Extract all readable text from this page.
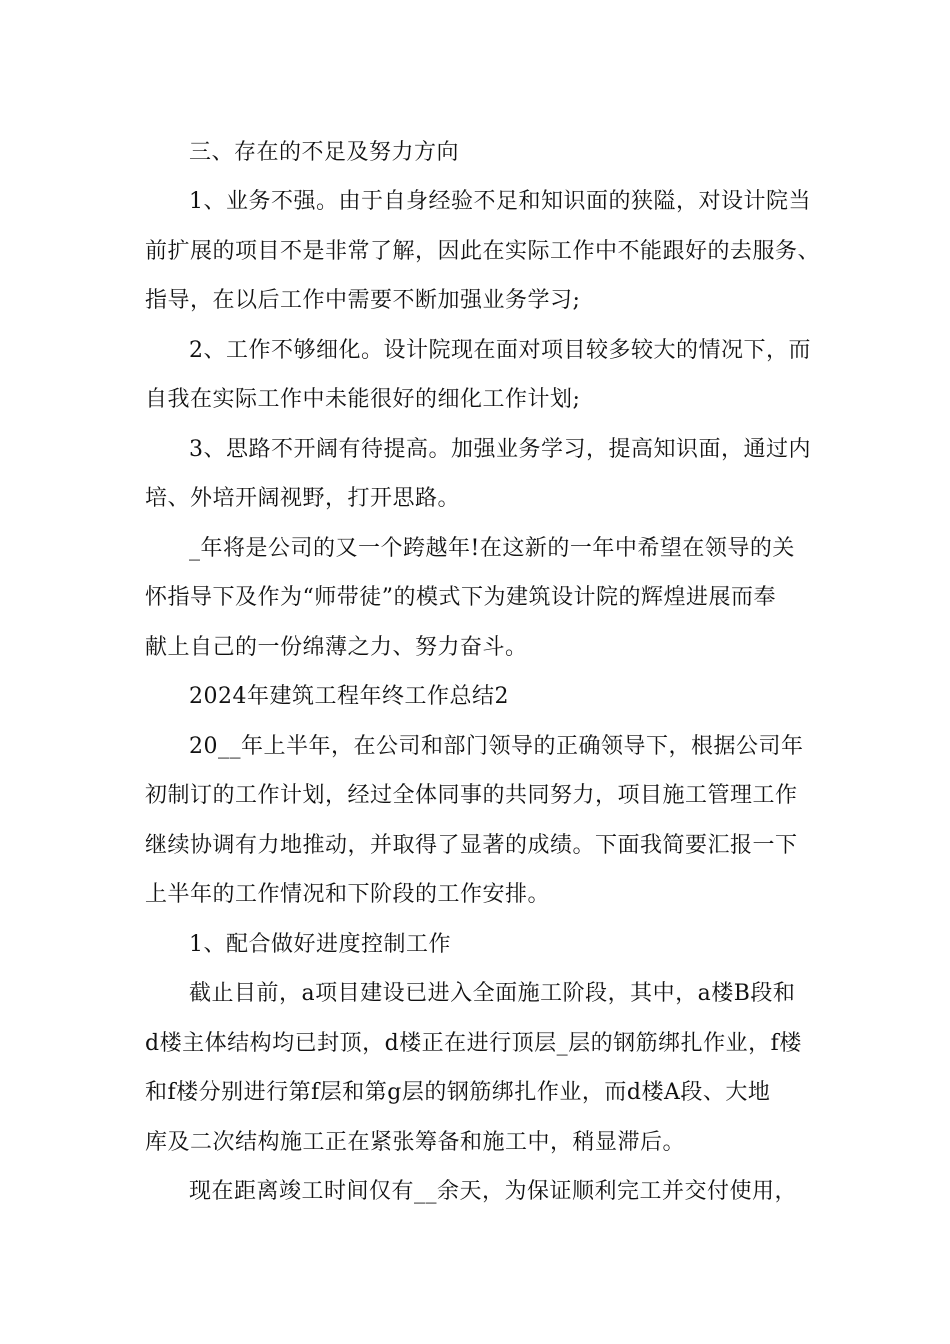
三、存在的不足及努力方向
1、业务不强。由于自身经验不足和知识面的狭隘，对设计院当
前扩展的项目不是非常了解，因此在实际工作中不能跟好的去服务、
指导，在以后工作中需要不断加强业务学习;
2、工作不够细化。设计院现在面对项目较多较大的情况下，而
自我在实际工作中未能很好的细化工作计划;
3、思路不开阔有待提高。加强业务学习，提高知识面，通过内
培、外培开阔视野，打开思路。
_年将是公司的又一个跨越年!在这新的一年中希望在领导的关
怀指导下及作为“师带徒”的模式下为建筑设计院的辉煌进展而奉
献上自己的一份绵薄之力、努力奋斗。
2024年建筑工程年终工作总结2
20__年上半年，在公司和部门领导的正确领导下，根据公司年
初制订的工作计划，经过全体同事的共同努力，项目施工管理工作
继续协调有力地推动，并取得了显著的成绩。下面我简要汇报一下
上半年的工作情况和下阶段的工作安排。
1、配合做好进度控制工作
截止目前，a项目建设已进入全面施工阶段，其中，a楼B段和
d楼主体结构均已封顶，d楼正在进行顶层_层的钢筋绑扎作业，f楼
和f楼分别进行第f层和第g层的钢筋绑扎作业，而d楼A段、大地
库及二次结构施工正在紧张筹备和施工中，稍显滞后。
现在距离竣工时间仅有__余天，为保证顺利完工并交付使用，
